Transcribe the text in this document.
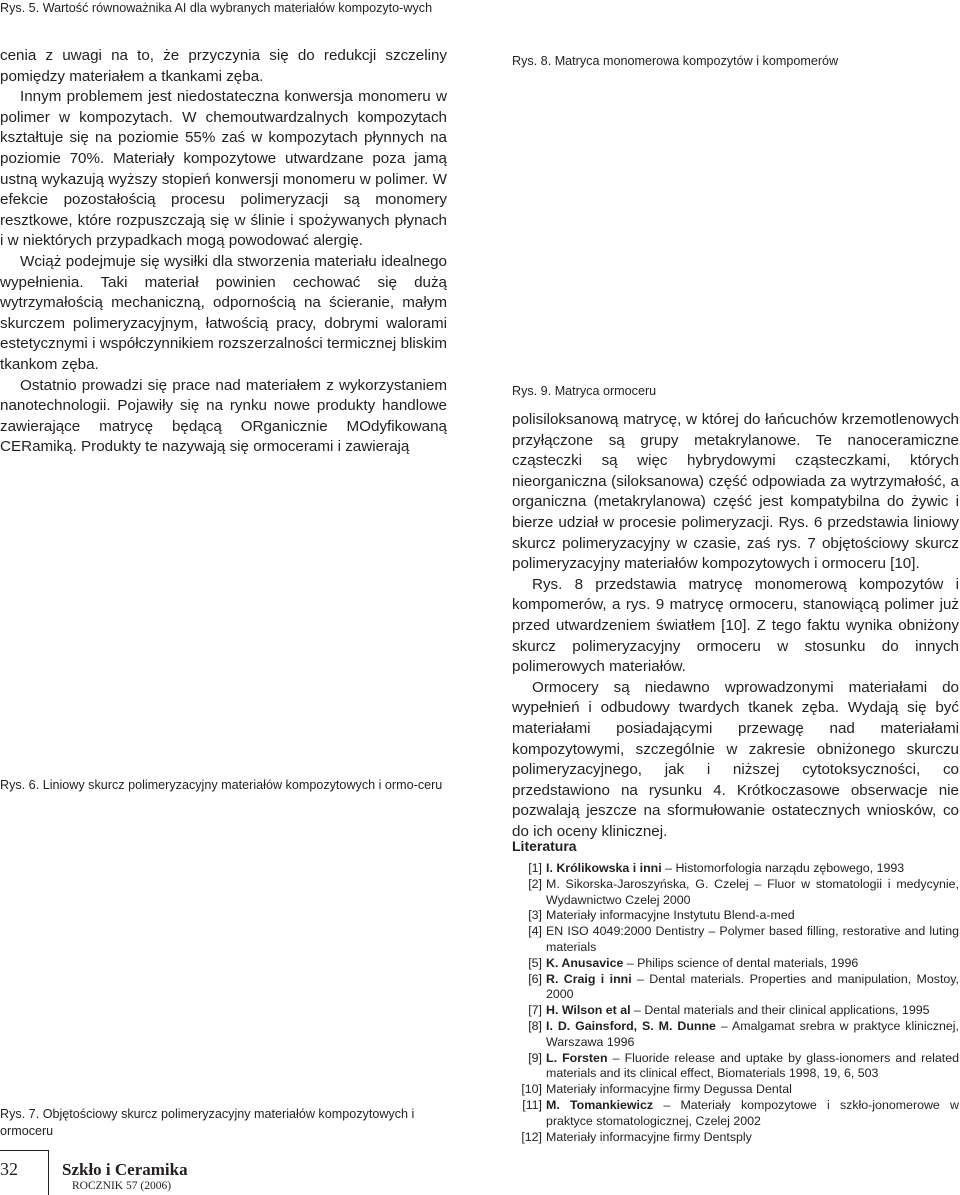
Rys. 5. Wartość równoważnika AI dla wybranych materiałów kompozyto-wych
Rys. 8. Matryca monomerowa kompozytów i kompomerów
Rys. 9. Matryca ormoceru
Rys. 6. Liniowy skurcz polimeryzacyjny materiałów kompozytowych i ormo-ceru
Rys. 7. Objętościowy skurcz polimeryzacyjny materiałów kompozytowych i ormoceru

cenia z uwagi na to, że przyczynia się do redukcji szczeliny pomiędzy materiałem a tkankami zęba.

Innym problemem jest niedostateczna konwersja monomeru w polimer w kompozytach. W chemoutwardzalnych kompozytach kształtuje się na poziomie 55% zaś w kompozytach płynnych na poziomie 70%. Materiały kompozytowe utwardzane poza jamą ustną wykazują wyższy stopień konwersji monomeru w polimer. W efekcie pozostałością procesu polimeryzacji są monomery resztkowe, które rozpuszczają się w ślinie i spożywanych płynach i w niektórych przypadkach mogą powodować alergię.

Wciąż podejmuje się wysiłki dla stworzenia materiału idealnego wypełnienia. Taki materiał powinien cechować się dużą wytrzymałością mechaniczną, odpornością na ścieranie, małym skurczem polimeryzacyjnym, łatwością pracy, dobrymi walorami estetycznymi i współczynnikiem rozszerzalności termicznej bliskim tkankom zęba.

Ostatnio prowadzi się prace nad materiałem z wykorzystaniem nanotechnologii. Pojawiły się na rynku nowe produkty handlowe zawierające matrycę będącą ORganicznie MOdyfikowaną CERamiką. Produkty te nazywają się ormocerami i zawierają

polisiloksanową matrycę, w której do łańcuchów krzemotlenowych przyłączone są grupy metakrylanowe. Te nanoceramiczne cząsteczki są więc hybrydowymi cząsteczkami, których nieorganiczna (siloksanowa) część odpowiada za wytrzymałość, a organiczna (metakrylanowa) część jest kompatybilna do żywic i bierze udział w procesie polimeryzacji. Rys. 6 przedstawia liniowy skurcz polimeryzacyjny w czasie, zaś rys. 7 objętościowy skurcz polimeryzacyjny materiałów kompozytowych i ormoceru [10].

Rys. 8 przedstawia matrycę monomerową kompozytów i kompomerów, a rys. 9 matrycę ormoceru, stanowiącą polimer już przed utwardzeniem światłem [10]. Z tego faktu wynika obniżony skurcz polimeryzacyjny ormoceru w stosunku do innych polimerowych materiałów.

Ormocery są niedawno wprowadzonymi materiałami do wypełnień i odbudowy twardych tkanek zęba. Wydają się być materiałami posiadającymi przewagę nad materiałami kompozytowymi, szczególnie w zakresie obniżonego skurczu polimeryzacyjnego, jak i niższej cytotoksyczności, co przedstawiono na rysunku 4. Krótkoczasowe obserwacje nie pozwalają jeszcze na sformułowanie ostatecznych wniosków, co do ich oceny klinicznej.

Literatura
[1] I. Królikowska i inni – Histomorfologia narządu zębowego, 1993
[2] M. Sikorska-Jaroszyńska, G. Czelej – Fluor w stomatologii i medycynie, Wydawnictwo Czelej 2000
[3] Materiały informacyjne Instytutu Blend-a-med
[4] EN ISO 4049:2000 Dentistry – Polymer based filling, restorative and luting materials
[5] K. Anusavice – Philips science of dental materials, 1996
[6] R. Craig i inni – Dental materials. Properties and manipulation, Mostoy, 2000
[7] H. Wilson et al – Dental materials and their clinical applications, 1995
[8] I. D. Gainsford, S. M. Dunne – Amalgamat srebra w praktyce klinicznej, Warszawa 1996
[9] L. Forsten – Fluoride release and uptake by glass-ionomers and related materials and its clinical effect, Biomaterials 1998, 19, 6, 503
[10] Materiały informacyjne firmy Degussa Dental
[11] M. Tomankiewicz – Materiały kompozytowe i szkło-jonomerowe w praktyce stomatologicznej, Czelej 2002
[12] Materiały informacyjne firmy Dentsply
32	Szkło i Ceramika
ROCZNIK 57 (2006)
